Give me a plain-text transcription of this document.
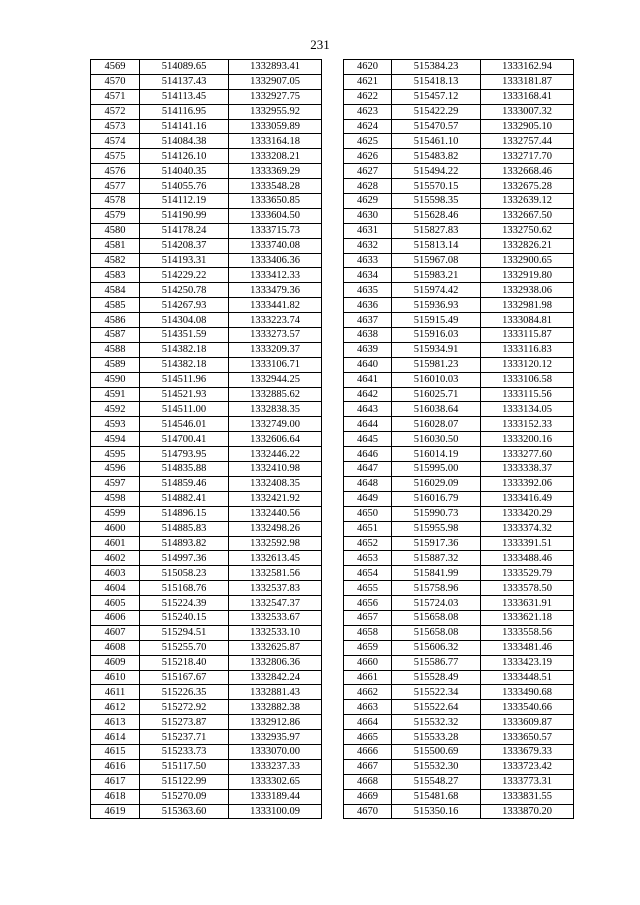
231
4569	514089.65	1332893.41
4570	514137.43	1332907.05
4571	514113.45	1332927.75
4572	514116.95	1332955.92
4573	514141.16	1333059.89
4574	514084.38	1333164.18
4575	514126.10	1333208.21
4576	514040.35	1333369.29
4577	514055.76	1333548.28
4578	514112.19	1333650.85
4579	514190.99	1333604.50
4580	514178.24	1333715.73
4581	514208.37	1333740.08
4582	514193.31	1333406.36
4583	514229.22	1333412.33
4584	514250.78	1333479.36
4585	514267.93	1333441.82
4586	514304.08	1333223.74
4587	514351.59	1333273.57
4588	514382.18	1333209.37
4589	514382.18	1333106.71
4590	514511.96	1332944.25
4591	514521.93	1332885.62
4592	514511.00	1332838.35
4593	514546.01	1332749.00
4594	514700.41	1332606.64
4595	514793.95	1332446.22
4596	514835.88	1332410.98
4597	514859.46	1332408.35
4598	514882.41	1332421.92
4599	514896.15	1332440.56
4600	514885.83	1332498.26
4601	514893.82	1332592.98
4602	514997.36	1332613.45
4603	515058.23	1332581.56
4604	515168.76	1332537.83
4605	515224.39	1332547.37
4606	515240.15	1332533.67
4607	515294.51	1332533.10
4608	515255.70	1332625.87
4609	515218.40	1332806.36
4610	515167.67	1332842.24
4611	515226.35	1332881.43
4612	515272.92	1332882.38
4613	515273.87	1332912.86
4614	515237.71	1332935.97
4615	515233.73	1333070.00
4616	515117.50	1333237.33
4617	515122.99	1333302.65
4618	515270.09	1333189.44
4619	515363.60	1333100.09
4620	515384.23	1333162.94
4621	515418.13	1333181.87
4622	515457.12	1333168.41
4623	515422.29	1333007.32
4624	515470.57	1332905.10
4625	515461.10	1332757.44
4626	515483.82	1332717.70
4627	515494.22	1332668.46
4628	515570.15	1332675.28
4629	515598.35	1332639.12
4630	515628.46	1332667.50
4631	515827.83	1332750.62
4632	515813.14	1332826.21
4633	515967.08	1332900.65
4634	515983.21	1332919.80
4635	515974.42	1332938.06
4636	515936.93	1332981.98
4637	515915.49	1333084.81
4638	515916.03	1333115.87
4639	515934.91	1333116.83
4640	515981.23	1333120.12
4641	516010.03	1333106.58
4642	516025.71	1333115.56
4643	516038.64	1333134.05
4644	516028.07	1333152.33
4645	516030.50	1333200.16
4646	516014.19	1333277.60
4647	515995.00	1333338.37
4648	516029.09	1333392.06
4649	516016.79	1333416.49
4650	515990.73	1333420.29
4651	515955.98	1333374.32
4652	515917.36	1333391.51
4653	515887.32	1333488.46
4654	515841.99	1333529.79
4655	515758.96	1333578.50
4656	515724.03	1333631.91
4657	515658.08	1333621.18
4658	515658.08	1333558.56
4659	515606.32	1333481.46
4660	515586.77	1333423.19
4661	515528.49	1333448.51
4662	515522.34	1333490.68
4663	515522.64	1333540.66
4664	515532.32	1333609.87
4665	515533.28	1333650.57
4666	515500.69	1333679.33
4667	515532.30	1333723.42
4668	515548.27	1333773.31
4669	515481.68	1333831.55
4670	515350.16	1333870.20
